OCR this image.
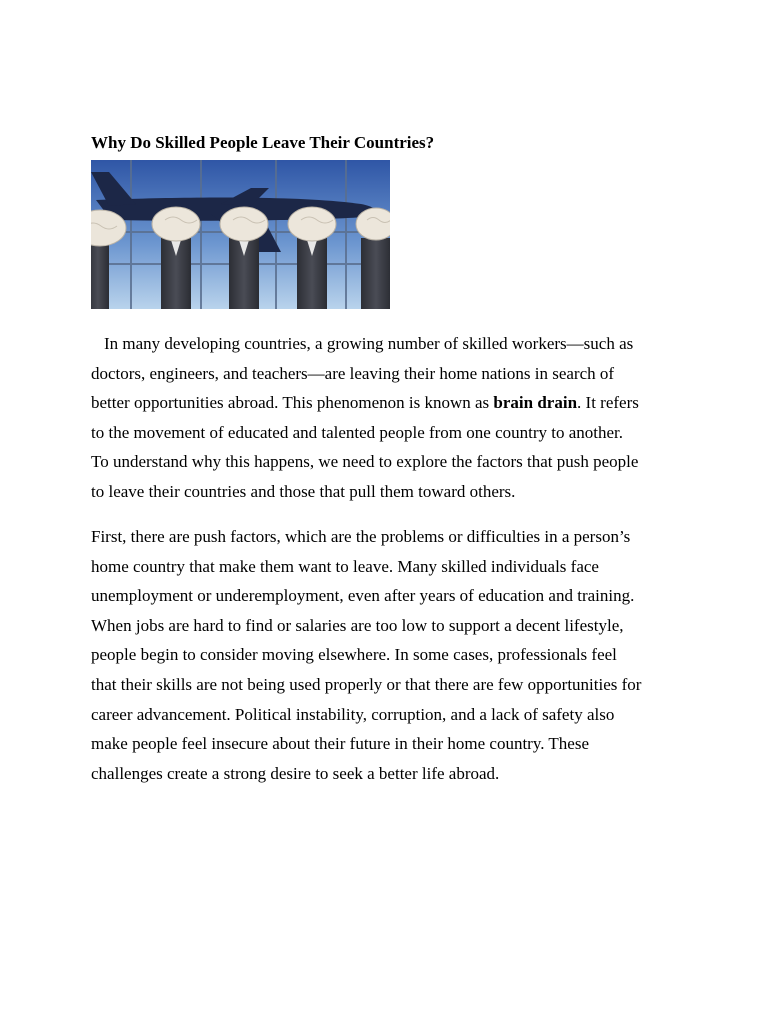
Why Do Skilled People Leave Their Countries?

In many developing countries, a growing number of skilled workers—such as
doctors, engineers, and teachers—are leaving their home nations in search of
better opportunities abroad. This phenomenon is known as brain drain. It refers
to the movement of educated and talented people from one country to another.
To understand why this happens, we need to explore the factors that push people
to leave their countries and those that pull them toward others.

First, there are push factors, which are the problems or difficulties in a person’s
home country that make them want to leave. Many skilled individuals face
unemployment or underemployment, even after years of education and training.
When jobs are hard to find or salaries are too low to support a decent lifestyle,
people begin to consider moving elsewhere. In some cases, professionals feel
that their skills are not being used properly or that there are few opportunities for
career advancement. Political instability, corruption, and a lack of safety also
make people feel insecure about their future in their home country. These
challenges create a strong desire to seek a better life abroad.
